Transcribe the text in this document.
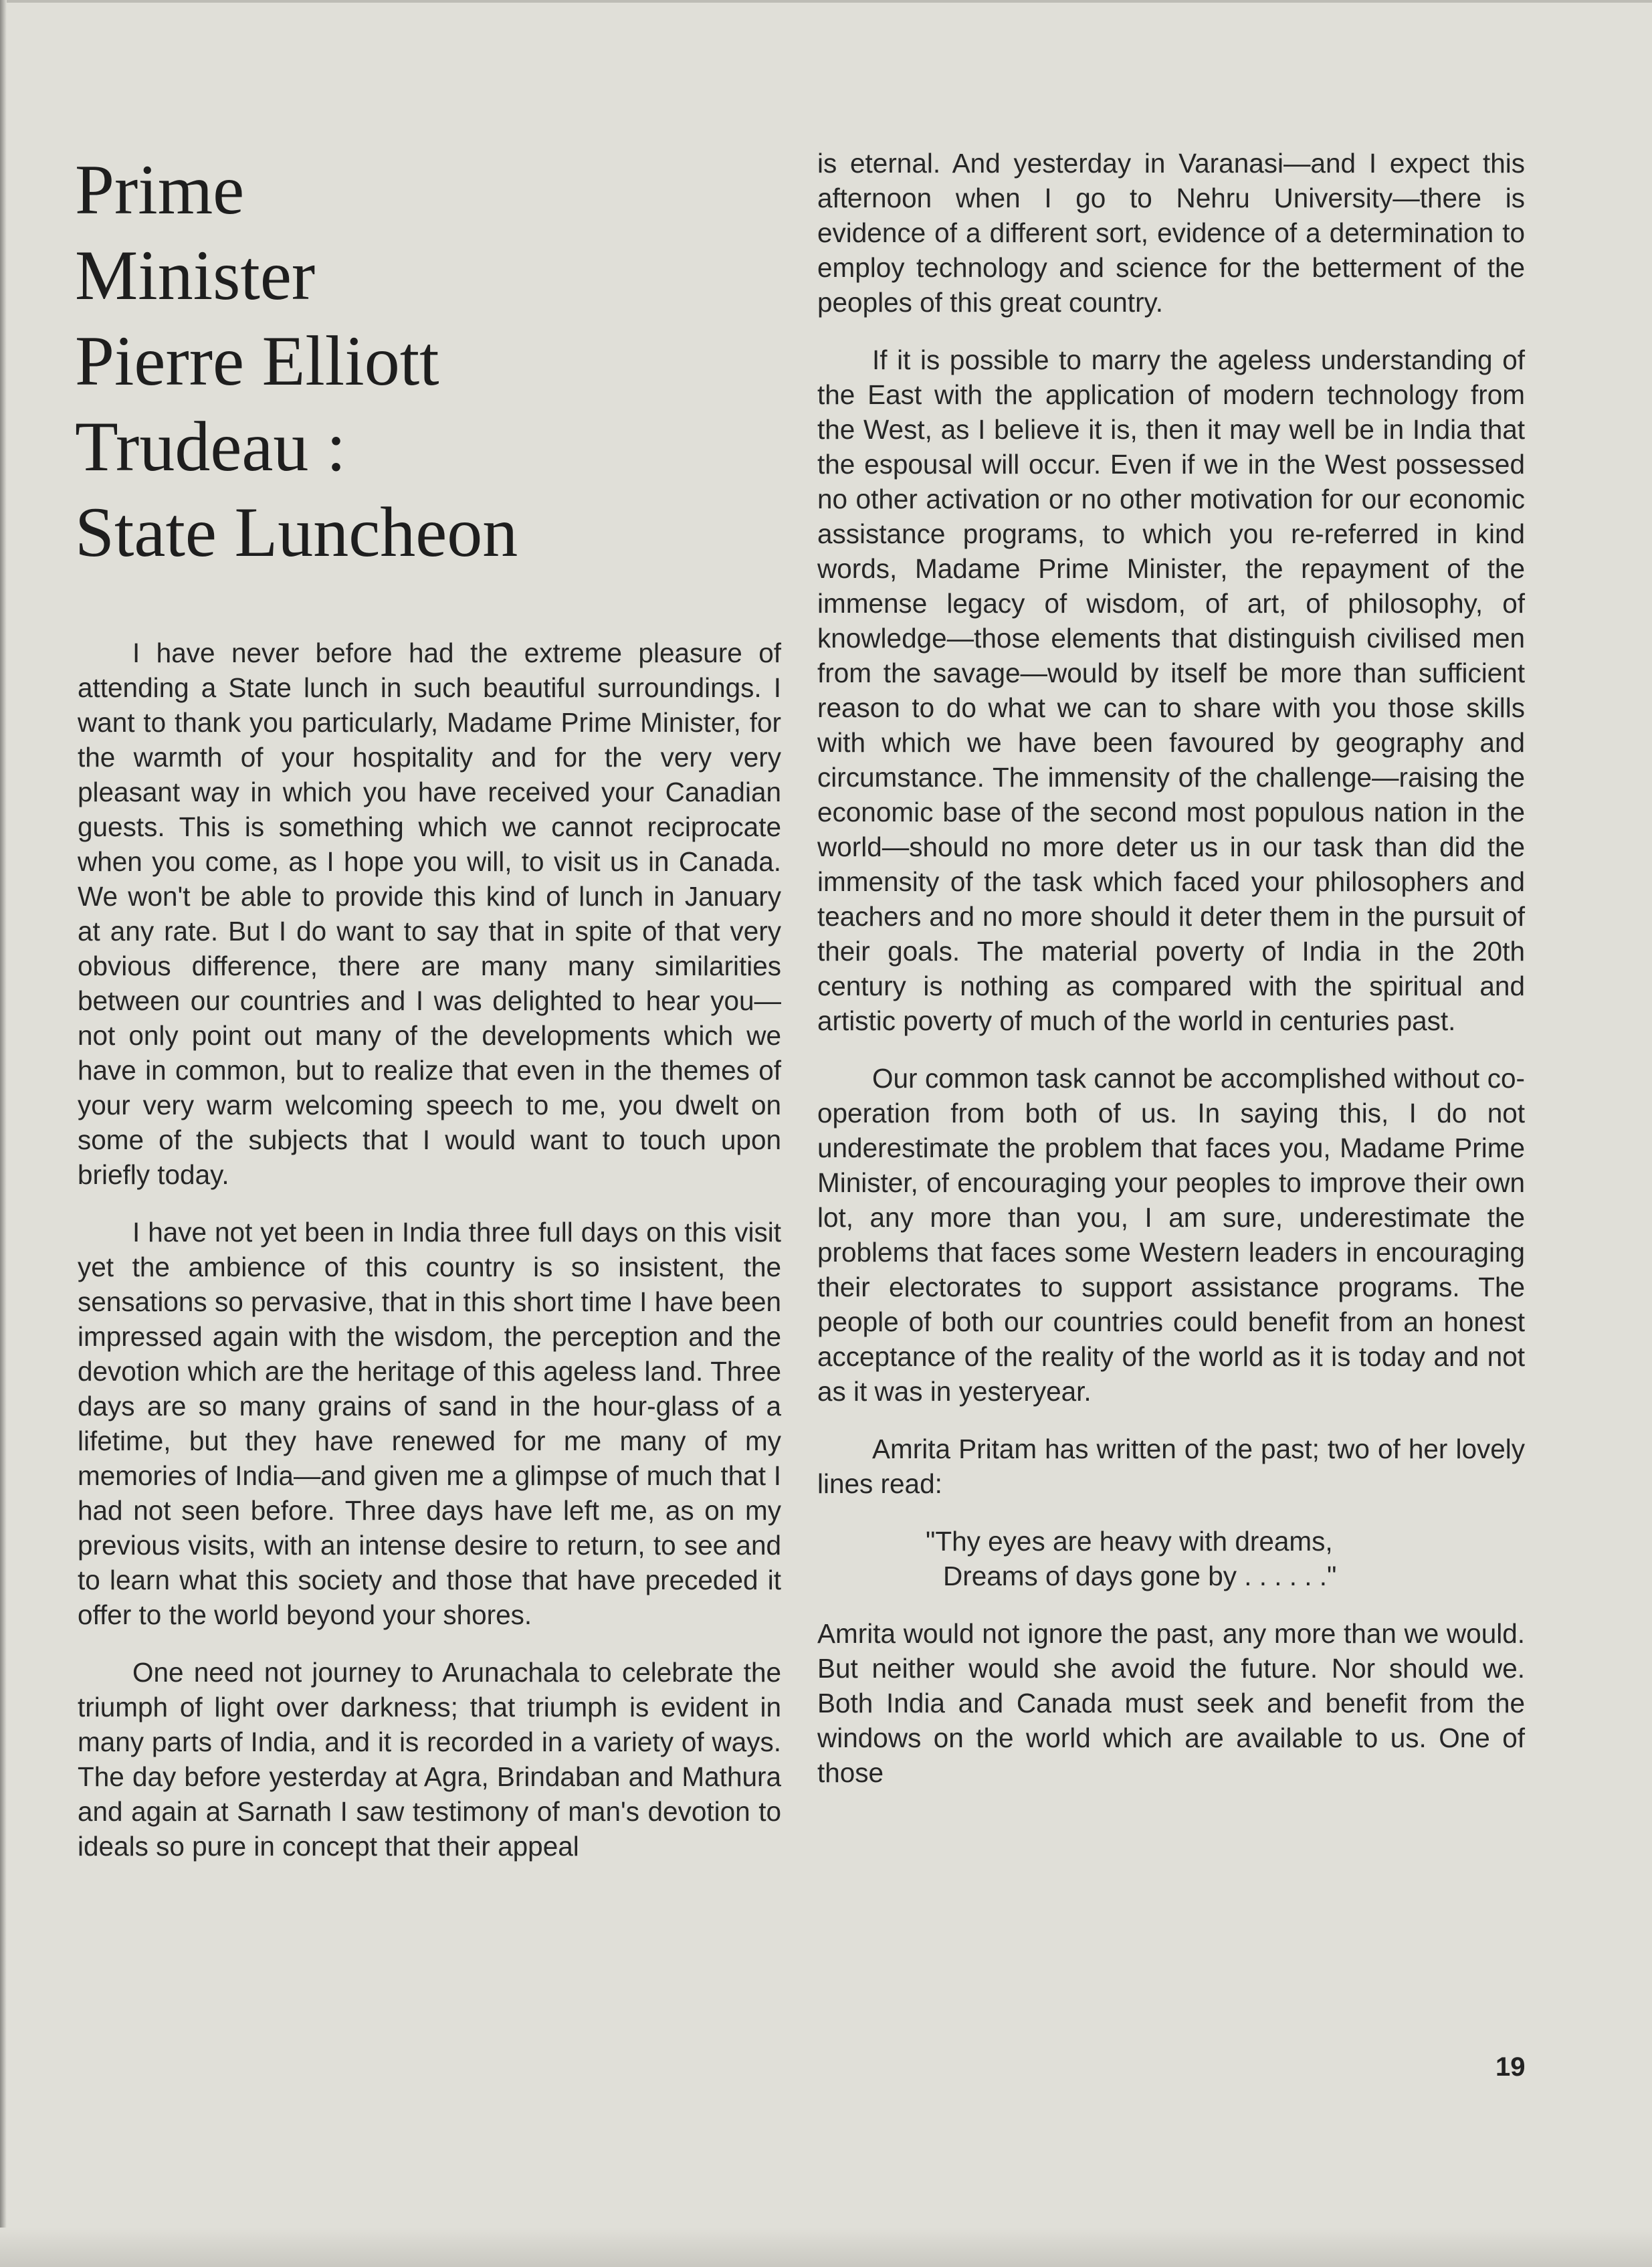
Prime
Minister
Pierre Elliott
Trudeau :
State Luncheon

I have never before had the extreme pleasure of attending a State lunch in such beautiful surroundings. I want to thank you particularly, Madame Prime Minister, for the warmth of your hospitality and for the very very pleasant way in which you have received your Canadian guests. This is something which we cannot reciprocate when you come, as I hope you will, to visit us in Canada. We won't be able to provide this kind of lunch in January at any rate. But I do want to say that in spite of that very obvious difference, there are many many similarities between our countries and I was delighted to hear you—not only point out many of the developments which we have in common, but to realize that even in the themes of your very warm welcoming speech to me, you dwelt on some of the subjects that I would want to touch upon briefly today.

I have not yet been in India three full days on this visit yet the ambience of this country is so insistent, the sensations so pervasive, that in this short time I have been impressed again with the wisdom, the perception and the devotion which are the heritage of this ageless land. Three days are so many grains of sand in the hour-glass of a lifetime, but they have renewed for me many of my memories of India—and given me a glimpse of much that I had not seen before. Three days have left me, as on my previous visits, with an intense desire to return, to see and to learn what this society and those that have preceded it offer to the world beyond your shores.

One need not journey to Arunachala to celebrate the triumph of light over darkness; that triumph is evident in many parts of India, and it is recorded in a variety of ways. The day before yesterday at Agra, Brindaban and Mathura and again at Sarnath I saw testimony of man's devotion to ideals so pure in concept that their appeal

is eternal. And yesterday in Varanasi—and I expect this afternoon when I go to Nehru University—there is evidence of a different sort, evidence of a determination to employ technology and science for the betterment of the peoples of this great country.

If it is possible to marry the ageless understanding of the East with the application of modern technology from the West, as I believe it is, then it may well be in India that the espousal will occur. Even if we in the West possessed no other activation or no other motivation for our economic assistance programs, to which you re-referred in kind words, Madame Prime Minister, the repayment of the immense legacy of wisdom, of art, of philosophy, of knowledge—those elements that distinguish civilised men from the savage—would by itself be more than sufficient reason to do what we can to share with you those skills with which we have been favoured by geography and circumstance. The immensity of the challenge—raising the economic base of the second most populous nation in the world—should no more deter us in our task than did the immensity of the task which faced your philosophers and teachers and no more should it deter them in the pursuit of their goals. The material poverty of India in the 20th century is nothing as compared with the spiritual and artistic poverty of much of the world in centuries past.

Our common task cannot be accomplished without co-operation from both of us. In saying this, I do not underestimate the problem that faces you, Madame Prime Minister, of encouraging your peoples to improve their own lot, any more than you, I am sure, underestimate the problems that faces some Western leaders in encouraging their electorates to support assistance programs. The people of both our countries could benefit from an honest acceptance of the reality of the world as it is today and not as it was in yesteryear.

Amrita Pritam has written of the past; two of her lovely lines read:

"Thy eyes are heavy with dreams,
Dreams of days gone by . . . . . ."

Amrita would not ignore the past, any more than we would. But neither would she avoid the future. Nor should we. Both India and Canada must seek and benefit from the windows on the world which are available to us. One of those

19
